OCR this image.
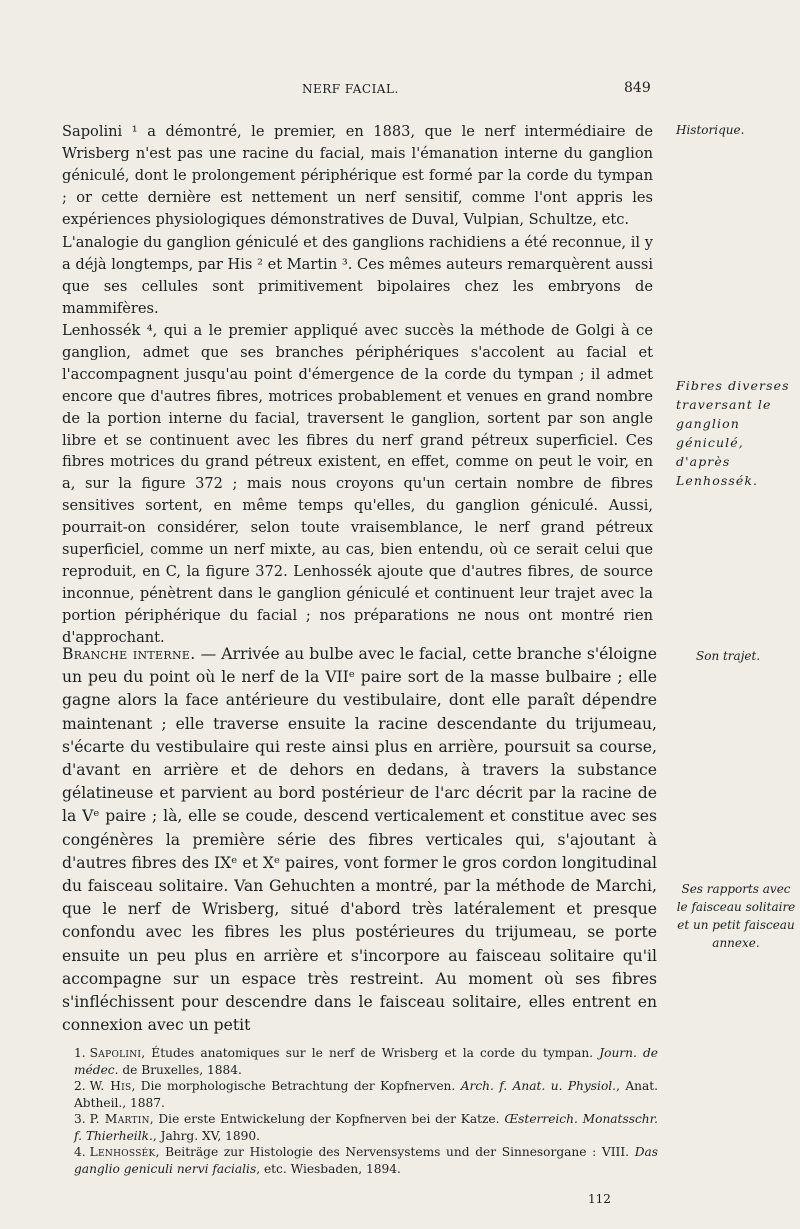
NERF FACIAL.	849

Sapolini ¹ a démontré, le premier, en 1883, que le nerf intermédiaire de Wrisberg n'est pas une racine du facial, mais l'émanation interne du ganglion géniculé, dont le prolongement périphérique est formé par la corde du tympan ; or cette dernière est nettement un nerf sensitif, comme l'ont appris les expériences physiologiques démonstratives de Duval, Vulpian, Schultze, etc.

L'analogie du ganglion géniculé et des ganglions rachidiens a été reconnue, il y a déjà longtemps, par His ² et Martin ³. Ces mêmes auteurs remarquèrent aussi que ses cellules sont primitivement bipolaires chez les embryons de mammifères.

Lenhossék ⁴, qui a le premier appliqué avec succès la méthode de Golgi à ce ganglion, admet que ses branches périphériques s'accolent au facial et l'accompagnent jusqu'au point d'émergence de la corde du tympan ; il admet encore que d'autres fibres, motrices probablement et venues en grand nombre de la portion interne du facial, traversent le ganglion, sortent par son angle libre et se continuent avec les fibres du nerf grand pétreux superficiel. Ces fibres motrices du grand pétreux existent, en effet, comme on peut le voir, en a, sur la figure 372 ; mais nous croyons qu'un certain nombre de fibres sensitives sortent, en même temps qu'elles, du ganglion géniculé. Aussi, pourrait-on considérer, selon toute vraisemblance, le nerf grand pétreux superficiel, comme un nerf mixte, au cas, bien entendu, où ce serait celui que reproduit, en C, la figure 372. Lenhossék ajoute que d'autres fibres, de source inconnue, pénètrent dans le ganglion géniculé et continuent leur trajet avec la portion périphérique du facial ; nos préparations ne nous ont montré rien d'approchant.

Branche interne. — Arrivée au bulbe avec le facial, cette branche s'éloigne un peu du point où le nerf de la VIIᵉ paire sort de la masse bulbaire ; elle gagne alors la face antérieure du vestibulaire, dont elle paraît dépendre maintenant ; elle traverse ensuite la racine descendante du trijumeau, s'écarte du vestibulaire qui reste ainsi plus en arrière, poursuit sa course, d'avant en arrière et de dehors en dedans, à travers la substance gélatineuse et parvient au bord postérieur de l'arc décrit par la racine de la Vᵉ paire ; là, elle se coude, descend verticalement et constitue avec ses congénères la première série des fibres verticales qui, s'ajoutant à d'autres fibres des IXᵉ et Xᵉ paires, vont former le gros cordon longitudinal du faisceau solitaire. Van Gehuchten a montré, par la méthode de Marchi, que le nerf de Wrisberg, situé d'abord très latéralement et presque confondu avec les fibres les plus postérieures du trijumeau, se porte ensuite un peu plus en arrière et s'incorpore au faisceau solitaire qu'il accompagne sur un espace très restreint. Au moment où ses fibres s'infléchissent pour descendre dans le faisceau solitaire, elles entrent en connexion avec un petit

Historique.

Fibres diverses traversant le ganglion géniculé, d'après Lenhossék.

Son trajet.

Ses rapports avec le faisceau solitaire et un petit faisceau annexe.

1. Sapolini, Études anatomiques sur le nerf de Wrisberg et la corde du tympan. Journ. de médec. de Bruxelles, 1884.

2. W. His, Die morphologische Betrachtung der Kopfnerven. Arch. f. Anat. u. Physiol., Anat. Abtheil., 1887.

3. P. Martin, Die erste Entwickelung der Kopfnerven bei der Katze. Œsterreich. Monatsschr. f. Thierheilk., Jahrg. XV, 1890.

4. Lenhossék, Beiträge zur Histologie des Nervensystems und der Sinnesorgane : VIII. Das ganglio geniculi nervi facialis, etc. Wiesbaden, 1894.

112
